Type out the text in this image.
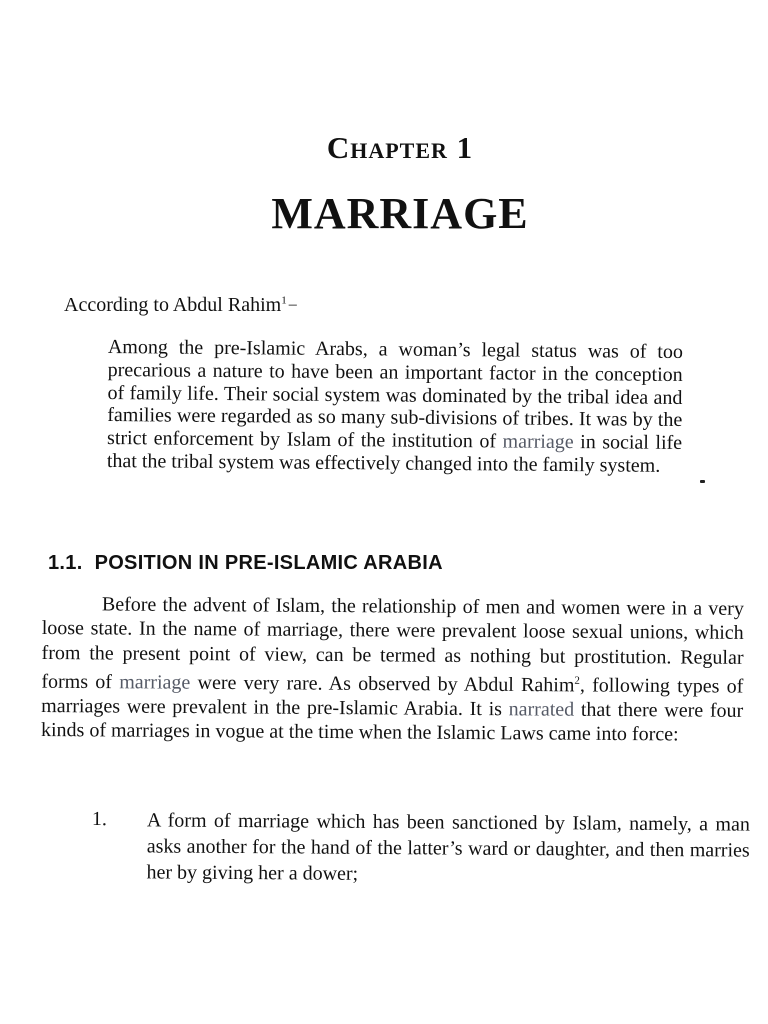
Chapter 1
MARRIAGE
According to Abdul Rahim$^1$ –
Among the pre-Islamic Arabs, a woman’s legal status was of too precarious a nature to have been an important factor in the conception of family life. Their social system was dominated by the tribal idea and families were regarded as so many sub-divisions of tribes. It was by the strict enforcement by Islam of the institution of marriage in social life that the tribal system was effectively changed into the family system.
1.1. POSITION IN PRE-ISLAMIC ARABIA
Before the advent of Islam, the relationship of men and women were in a very loose state. In the name of marriage, there were prevalent loose sexual unions, which from the present point of view, can be termed as nothing but prostitution. Regular forms of marriage were very rare. As observed by Abdul Rahim$^2$, following types of marriages were prevalent in the pre-Islamic Arabia. It is narrated that there were four kinds of marriages in vogue at the time when the Islamic Laws came into force:
1. A form of marriage which has been sanctioned by Islam, namely, a man asks another for the hand of the latter’s ward or daughter, and then marries her by giving her a dower;
